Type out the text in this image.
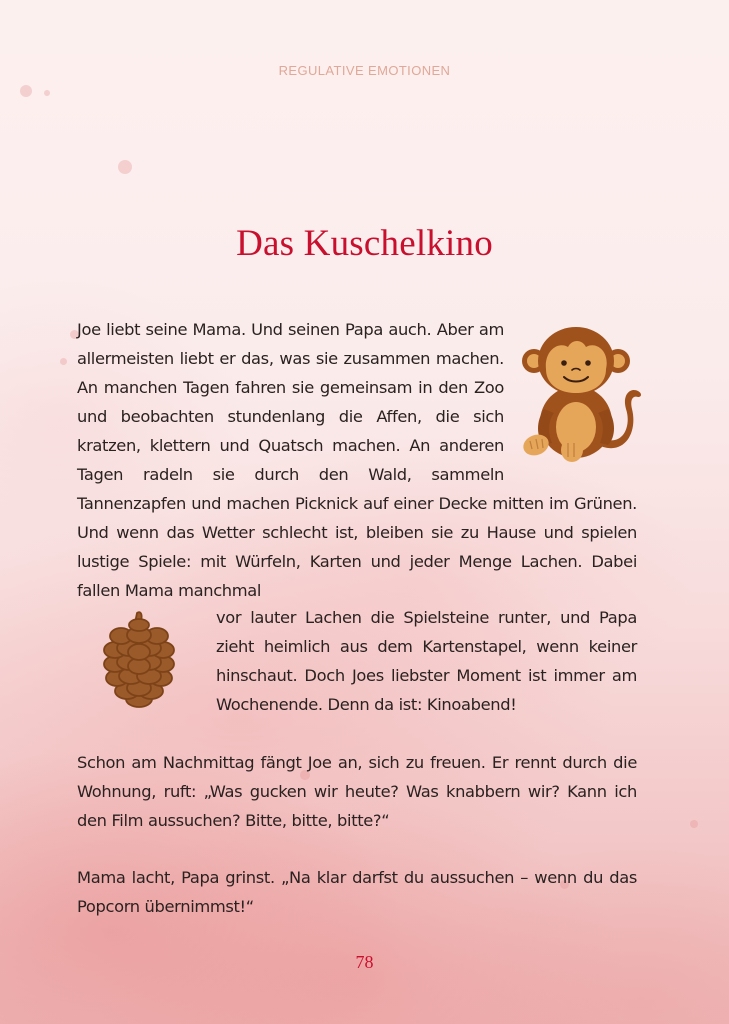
REGULATIVE EMOTIONEN
Das Kuschelkino

Joe liebt seine Mama. Und seinen Papa auch. Aber am allermeisten liebt er das, was sie zusammen machen. An manchen Tagen fahren sie gemeinsam in den Zoo und beobachten stundenlang die Affen, die sich kratzen, klettern und Quatsch machen. An anderen Tagen radeln sie durch den Wald, sammeln Tannenzapfen und machen Picknick auf einer Decke mitten im Grünen. Und wenn das Wetter schlecht ist, bleiben sie zu Hause und spielen lustige Spiele: mit Würfeln, Karten und jeder Menge Lachen. Dabei fallen Mama manchmal

vor lauter Lachen die Spielsteine runter, und Papa zieht heimlich aus dem Kartenstapel, wenn keiner hinschaut. Doch Joes liebster Moment ist immer am Wochenende. Denn da ist: Kinoabend!

Schon am Nachmittag fängt Joe an, sich zu freuen. Er rennt durch die Wohnung, ruft: „Was gucken wir heute? Was knabbern wir? Kann ich den Film aussuchen? Bitte, bitte, bitte?“

Mama lacht, Papa grinst. „Na klar darfst du aussuchen – wenn du das Popcorn übernimmst!“

78
